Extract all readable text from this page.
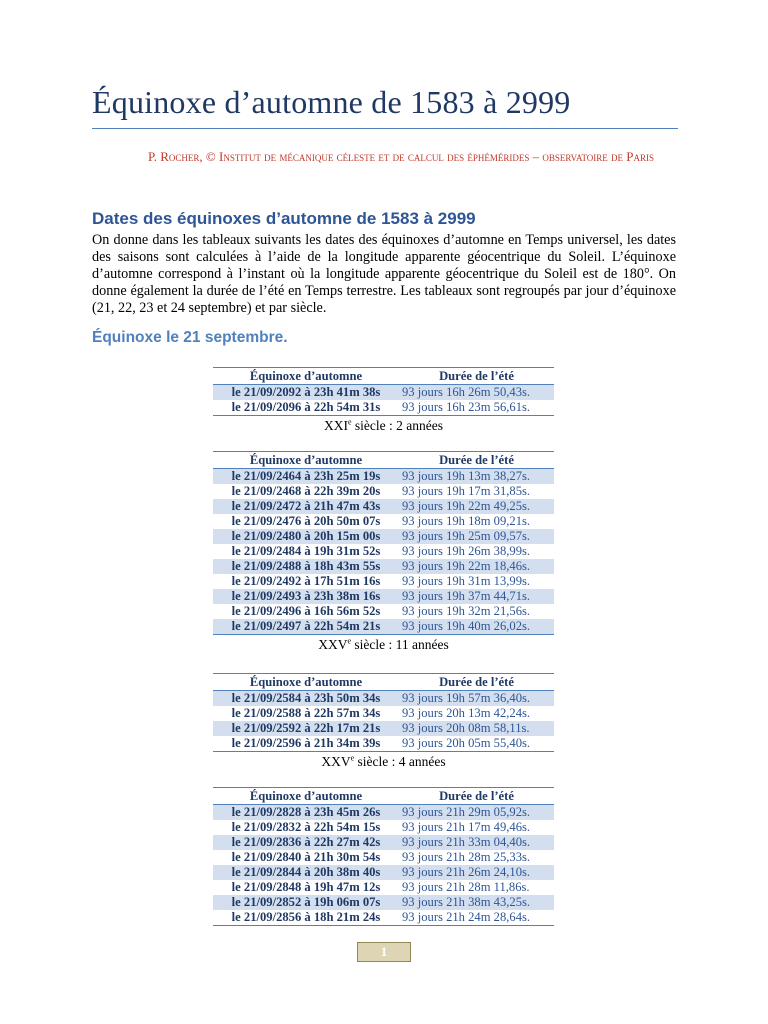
Équinoxe d’automne de 1583 à 2999
P. Rocher, © Institut de mécanique céleste et de calcul des éphémérides – observatoire de Paris
Dates des équinoxes d’automne de 1583 à 2999

On donne dans les tableaux suivants les dates des équinoxes d’automne en Temps universel, les dates des saisons sont calculées à l’aide de la longitude apparente géocentrique du Soleil. L’équinoxe d’automne correspond à l’instant où la longitude apparente géocentrique du Soleil est de 180°. On donne également la durée de l’été en Temps terrestre. Les tableaux sont regroupés par jour d’équinoxe (21, 22, 23 et 24 septembre) et par siècle.

Équinoxe le 21 septembre.
Équinoxe d’automne	Durée de l’été
le 21/09/2092 à 23h 41m 38s	93 jours 16h 26m 50,43s.
le 21/09/2096 à 22h 54m 31s	93 jours 16h 23m 56,61s.
XXIe siècle : 2 années
Équinoxe d’automne	Durée de l’été
le 21/09/2464 à 23h 25m 19s	93 jours 19h 13m 38,27s.
le 21/09/2468 à 22h 39m 20s	93 jours 19h 17m 31,85s.
le 21/09/2472 à 21h 47m 43s	93 jours 19h 22m 49,25s.
le 21/09/2476 à 20h 50m 07s	93 jours 19h 18m 09,21s.
le 21/09/2480 à 20h 15m 00s	93 jours 19h 25m 09,57s.
le 21/09/2484 à 19h 31m 52s	93 jours 19h 26m 38,99s.
le 21/09/2488 à 18h 43m 55s	93 jours 19h 22m 18,46s.
le 21/09/2492 à 17h 51m 16s	93 jours 19h 31m 13,99s.
le 21/09/2493 à 23h 38m 16s	93 jours 19h 37m 44,71s.
le 21/09/2496 à 16h 56m 52s	93 jours 19h 32m 21,56s.
le 21/09/2497 à 22h 54m 21s	93 jours 19h 40m 26,02s.
XXVe siècle : 11 années
Équinoxe d’automne	Durée de l’été
le 21/09/2584 à 23h 50m 34s	93 jours 19h 57m 36,40s.
le 21/09/2588 à 22h 57m 34s	93 jours 20h 13m 42,24s.
le 21/09/2592 à 22h 17m 21s	93 jours 20h 08m 58,11s.
le 21/09/2596 à 21h 34m 39s	93 jours 20h 05m 55,40s.
XXVe siècle : 4 années
Équinoxe d’automne	Durée de l’été
le 21/09/2828 à 23h 45m 26s	93 jours 21h 29m 05,92s.
le 21/09/2832 à 22h 54m 15s	93 jours 21h 17m 49,46s.
le 21/09/2836 à 22h 27m 42s	93 jours 21h 33m 04,40s.
le 21/09/2840 à 21h 30m 54s	93 jours 21h 28m 25,33s.
le 21/09/2844 à 20h 38m 40s	93 jours 21h 26m 24,10s.
le 21/09/2848 à 19h 47m 12s	93 jours 21h 28m 11,86s.
le 21/09/2852 à 19h 06m 07s	93 jours 21h 38m 43,25s.
le 21/09/2856 à 18h 21m 24s	93 jours 21h 24m 28,64s.
1
